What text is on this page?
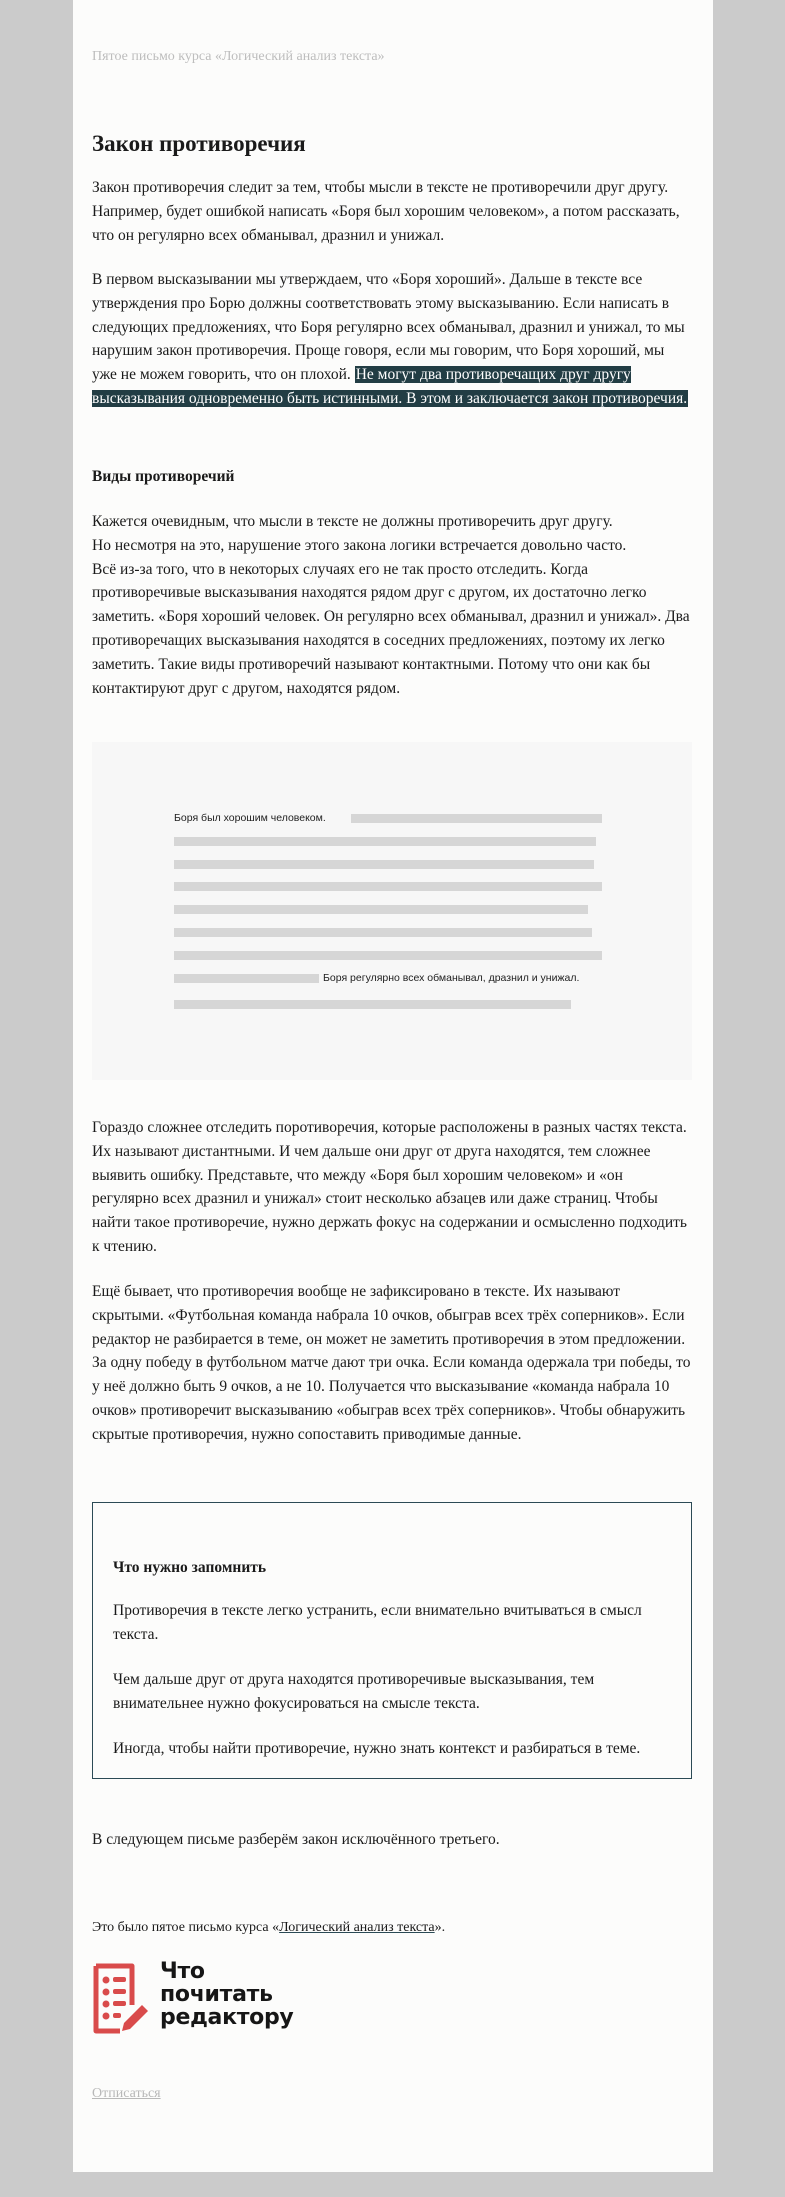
Пятое письмо курса «Логический анализ текста»
Закон противоречия

Закон противоречия следит за тем, чтобы мысли в тексте не противоречили друг другу. Например, будет ошибкой написать «Боря был хорошим человеком», а потом рассказать, что он регулярно всех обманывал, дразнил и унижал.

В первом высказывании мы утверждаем, что «Боря хороший». Дальше в тексте все утверждения про Борю должны соответствовать этому высказыванию. Если написать в следующих предложениях, что Боря регулярно всех обманывал, дразнил и унижал, то мы нарушим закон противоречия. Проще говоря, если мы говорим, что Боря хороший, мы уже не можем говорить, что он плохой. Не могут два противоречащих друг другу высказывания одновременно быть истинными. В этом и заключается закон противоречия.

Виды противоречий

Кажется очевидным, что мысли в тексте не должны противоречить друг другу.
Но несмотря на это, нарушение этого закона логики встречается довольно часто.
Всё из-за того, что в некоторых случаях его не так просто отследить. Когда противоречивые высказывания находятся рядом друг с другом, их достаточно легко заметить. «Боря хороший человек. Он регулярно всех обманывал, дразнил и унижал». Два противоречащих высказывания находятся в соседних предложениях, поэтому их легко заметить. Такие виды противоречий называют контактными. Потому что они как бы контактируют друг с другом, находятся рядом.

Боря был хорошим человеком.
Боря регулярно всех обманывал, дразнил и унижал.

Гораздо сложнее отследить поротиворечия, которые расположены в разных частях текста. Их называют дистантными. И чем дальше они друг от друга находятся, тем сложнее выявить ошибку. Представьте, что между «Боря был хорошим человеком» и «он регулярно всех дразнил и унижал» стоит несколько абзацев или даже страниц. Чтобы найти такое противоречие, нужно держать фокус на содержании и осмысленно подходить к чтению.

Ещё бывает, что противоречия вообще не зафиксировано в тексте. Их называют скрытыми. «Футбольная команда набрала 10 очков, обыграв всех трёх соперников». Если редактор не разбирается в теме, он может не заметить противоречия в этом предложении. За одну победу в футбольном матче дают три очка. Если команда одержала три победы, то у неё должно быть 9 очков, а не 10. Получается что высказывание «команда набрала 10 очков» противоречит высказыванию «обыграв всех трёх соперников». Чтобы обнаружить скрытые противоречия, нужно сопоставить приводимые данные.

Что нужно запомнить

Противоречия в тексте легко устранить, если внимательно вчитываться в смысл текста.

Чем дальше друг от друга находятся противоречивые высказывания, тем внимательнее нужно фокусироваться на смысле текста.

Иногда, чтобы найти противоречие, нужно знать контекст и разбираться в теме.

В следующем письме разберём закон исключённого третьего.

Это было пятое письмо курса «Логический анализ текста».

Что
почитать
редактору

Отписаться
